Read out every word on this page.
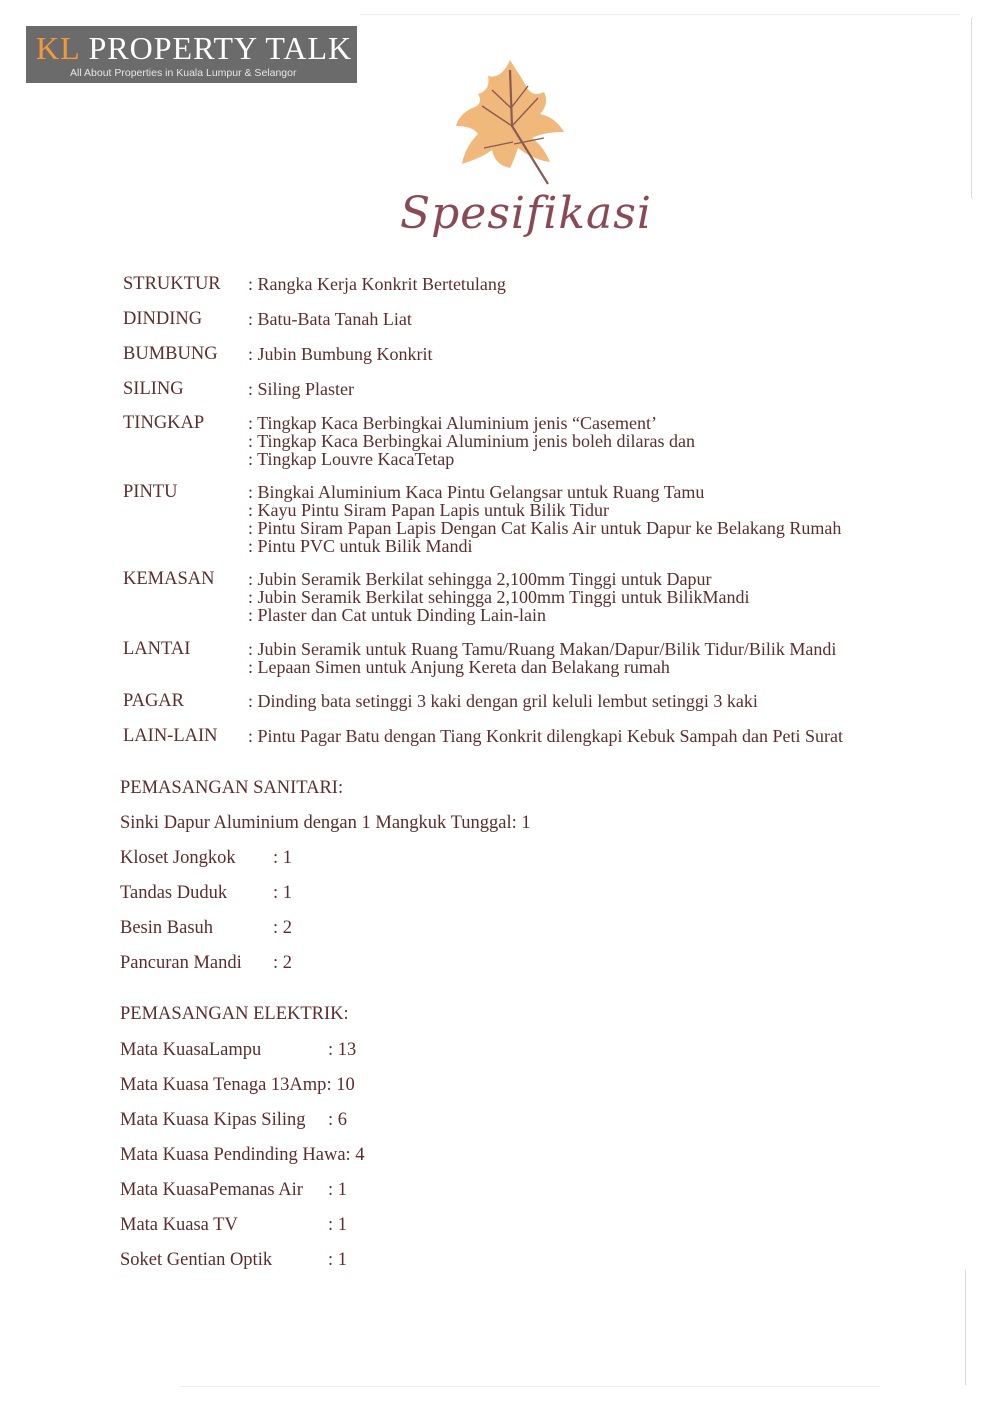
KL PROPERTY TALK
All About Properties in Kuala Lumpur & Selangor
Spesifikasi
STRUKTUR : Rangka Kerja Konkrit Bertetulang
DINDING	: Batu-Bata Tanah Liat
BUMBUNG : Jubin Bumbung Konkrit
SILING	: Siling Plaster
TINGKAP : Tingkap Kaca Berbingkai Aluminium jenis “Casement’
: Tingkap Kaca Berbingkai Aluminium jenis boleh dilaras dan
: Tingkap Louvre KacaTetap
PINTU	: Bingkai Aluminium Kaca Pintu Gelangsar untuk Ruang Tamu
: Kayu Pintu Siram Papan Lapis untuk Bilik Tidur
: Pintu Siram Papan Lapis Dengan Cat Kalis Air untuk Dapur ke Belakang Rumah
: Pintu PVC untuk Bilik Mandi
KEMASAN : Jubin Seramik Berkilat sehingga 2,100mm Tinggi untuk Dapur
: Jubin Seramik Berkilat sehingga 2,100mm Tinggi untuk BilikMandi
: Plaster dan Cat untuk Dinding Lain-lain
LANTAI	: Jubin Seramik untuk Ruang Tamu/Ruang Makan/Dapur/Bilik Tidur/Bilik Mandi
: Lepaan Simen untuk Anjung Kereta dan Belakang rumah
PAGAR	: Dinding bata setinggi 3 kaki dengan gril keluli lembut setinggi 3 kaki
LAIN-LAIN : Pintu Pagar Batu dengan Tiang Konkrit dilengkapi Kebuk Sampah dan Peti Surat
PEMASANGAN SANITARI:
Sinki Dapur Aluminium dengan 1 Mangkuk Tunggal: 1
Kloset Jongkok : 1
Tandas Duduk : 1
Besin Basuh	: 2
Pancuran Mandi : 2
PEMASANGAN ELEKTRIK:
Mata KuasaLampu	: 13
Mata Kuasa Tenaga 13Amp: 10
Mata Kuasa Kipas Siling : 6
Mata Kuasa Pendinding Hawa: 4
Mata KuasaPemanas Air : 1
Mata Kuasa TV	: 1
Soket Gentian Optik	: 1
